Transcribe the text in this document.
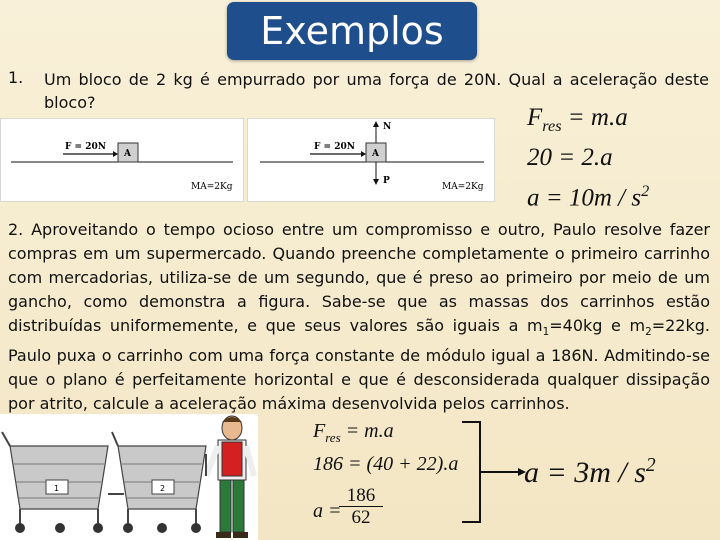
Exemplos
1. Um bloco de 2 kg é empurrado por uma força de 20N. Qual a aceleração deste bloco?
F = 20N
A
MA=2Kg
F = 20N
A
N
P
MA=2Kg
$F_{res} = m.a$
20 = 2.a
$a = 10m / s^2$
2. Aproveitando o tempo ocioso entre um compromisso e outro, Paulo resolve fazer compras em um supermercado. Quando preenche completamente o primeiro carrinho com mercadorias, utiliza-se de um segundo, que é preso ao primeiro por meio de um gancho, como demonstra a figura. Sabe-se que as massas dos carrinhos estão distribuídas uniformemente, e que seus valores são iguais a $m_1=40kg$ e $m_2=22kg$. Paulo puxa o carrinho com uma força constante de módulo igual a 186N. Admitindo-se que o plano é perfeitamente horizontal e que é desconsiderada qualquer dissipação por atrito, calcule a aceleração máxima desenvolvida pelos carrinhos.
1	2
$F_{res} = m.a$
186 = (40 + 22).a
a =
$\frac{186}{62}$
$a = 3m / s^2$
